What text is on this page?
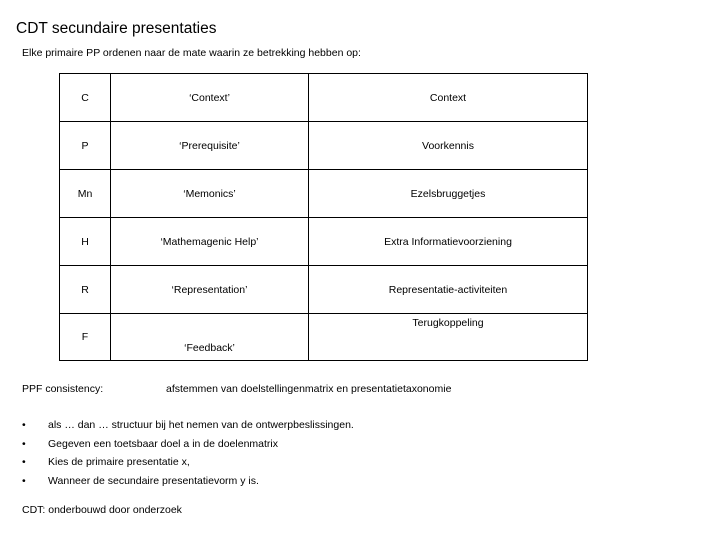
CDT secundaire presentaties
Elke primaire PP ordenen naar de mate waarin ze betrekking hebben op:
C	‘Context’	Context
P	‘Prerequisite’	Voorkennis
Mn	‘Memonics’	Ezelsbruggetjes
H	‘Mathemagenic Help’	Extra Informatievoorziening
R	‘Representation’	Representatie-activiteiten
F	‘Feedback’	Terugkoppeling
PPF consistency:	afstemmen van doelstellingenmatrix en presentatietaxonomie
• als … dan … structuur bij het nemen van de ontwerpbeslissingen.
• Gegeven een toetsbaar doel a in de doelenmatrix
• Kies de primaire presentatie x,
• Wanneer de secundaire presentatievorm y is.
CDT: onderbouwd door onderzoek
